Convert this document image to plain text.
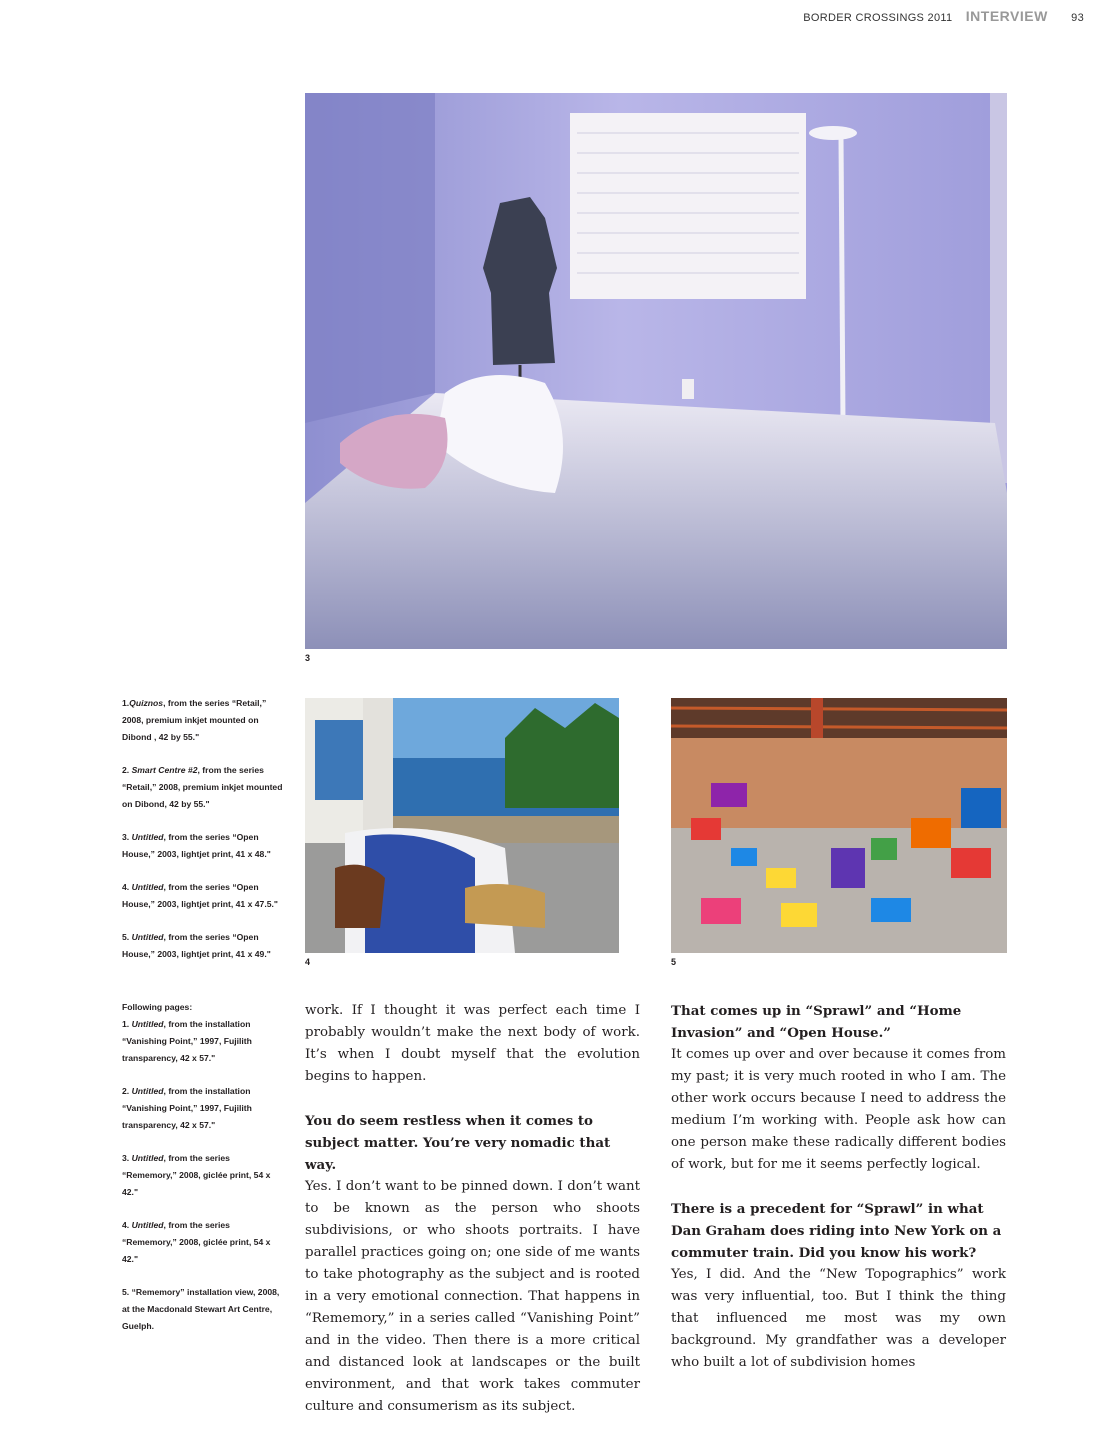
BORDER CROSSINGS 2011 INTERVIEW 93
3
4	5

1.Quiznos, from the series “Retail,” 2008, premium inkjet mounted on Dibond , 42 by 55."

2. Smart Centre #2, from the series “Retail,” 2008, premium inkjet mounted on Dibond, 42 by 55."

3. Untitled, from the series “Open House,” 2003, lightjet print, 41 x 48."

4. Untitled, from the series “Open House,” 2003, lightjet print, 41 x 47.5."

5. Untitled, from the series “Open House,” 2003, lightjet print, 41 x 49."

Following pages:

1. Untitled, from the installation “Vanishing Point,” 1997, Fujilith transparency, 42 x 57."

2. Untitled, from the installation “Vanishing Point,” 1997, Fujilith transparency, 42 x 57."

3. Untitled, from the series “Rememory,” 2008, giclée print, 54 x 42."

4. Untitled, from the series “Rememory,” 2008, giclée print, 54 x 42."

5. “Rememory” installation view, 2008, at the Macdonald Stewart Art Centre, Guelph.

work. If I thought it was perfect each time I probably wouldn’t make the next body of work. It’s when I doubt myself that the evolution begins to happen.

You do seem restless when it comes to subject matter. You’re very nomadic that way.

Yes. I don’t want to be pinned down. I don’t want to be known as the person who shoots subdivisions, or who shoots portraits. I have parallel practices going on; one side of me wants to take photography as the subject and is rooted in a very emotional connection. That happens in “Rememory,” in a series called “Vanishing Point” and in the video. Then there is a more critical and distanced look at landscapes or the built environment, and that work takes commuter culture and consumerism as its subject.

That comes up in “Sprawl” and “Home Invasion” and “Open House.”

It comes up over and over because it comes from my past; it is very much rooted in who I am. The other work occurs because I need to address the medium I’m working with. People ask how can one person make these radically different bodies of work, but for me it seems perfectly logical.

There is a precedent for “Sprawl” in what Dan Graham does riding into New York on a commuter train. Did you know his work?

Yes, I did. And the “New Topographics” work was very influential, too. But I think the thing that influenced me most was my own background. My grandfather was a developer who built a lot of subdivision homes
